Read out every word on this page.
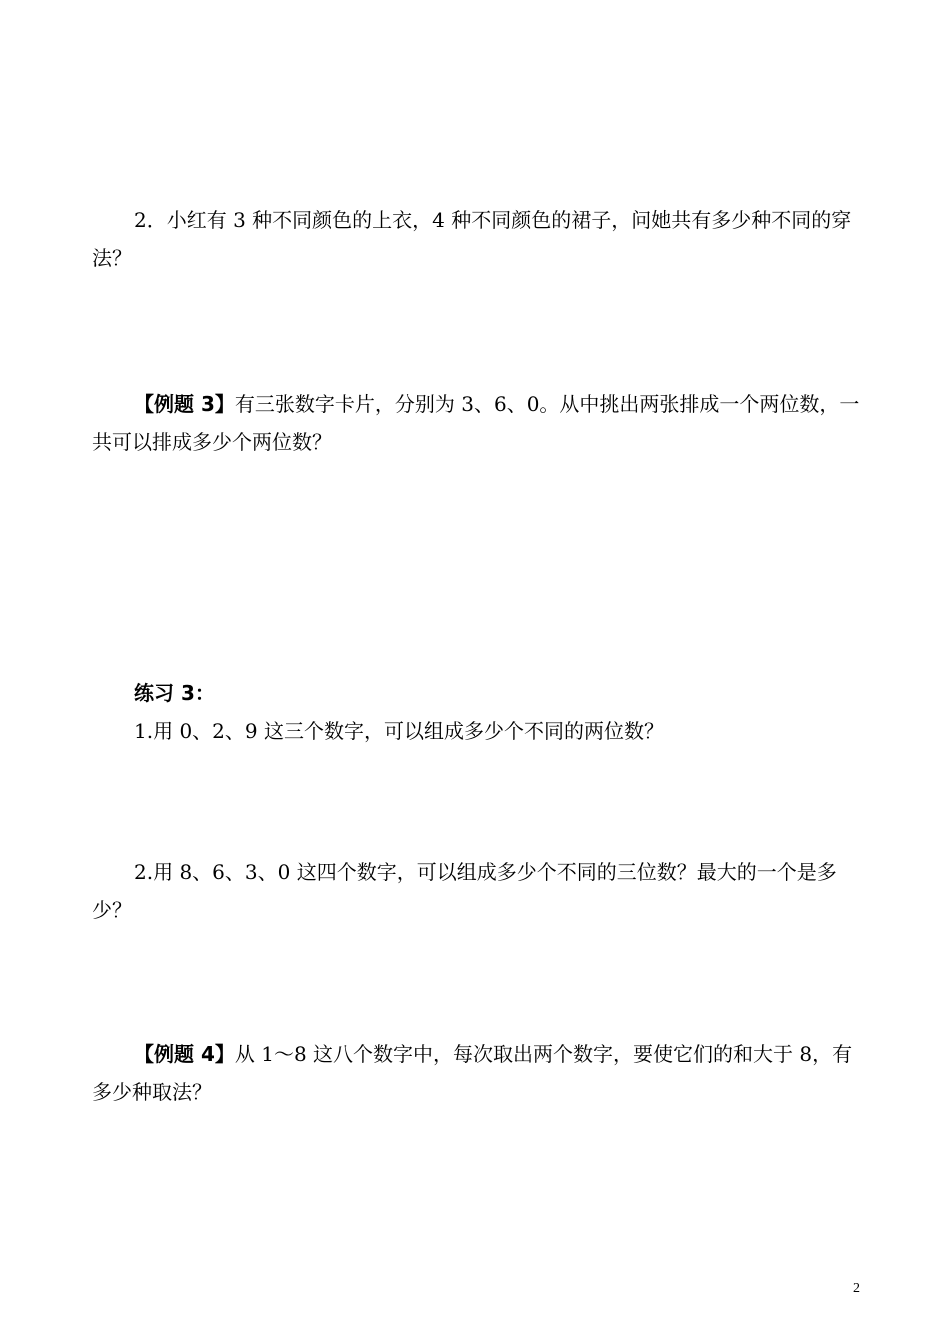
2．小红有 3 种不同颜色的上衣，4 种不同颜色的裙子，问她共有多少种不同的穿法？

【例题 3】有三张数字卡片，分别为 3、6、0。从中挑出两张排成一个两位数，一共可以排成多少个两位数？

练习 3：

1.用 0、2、9 这三个数字，可以组成多少个不同的两位数？

2.用 8、6、3、0 这四个数字，可以组成多少个不同的三位数？最大的一个是多少？

【例题 4】从 1～8 这八个数字中，每次取出两个数字，要使它们的和大于 8，有多少种取法？

2
